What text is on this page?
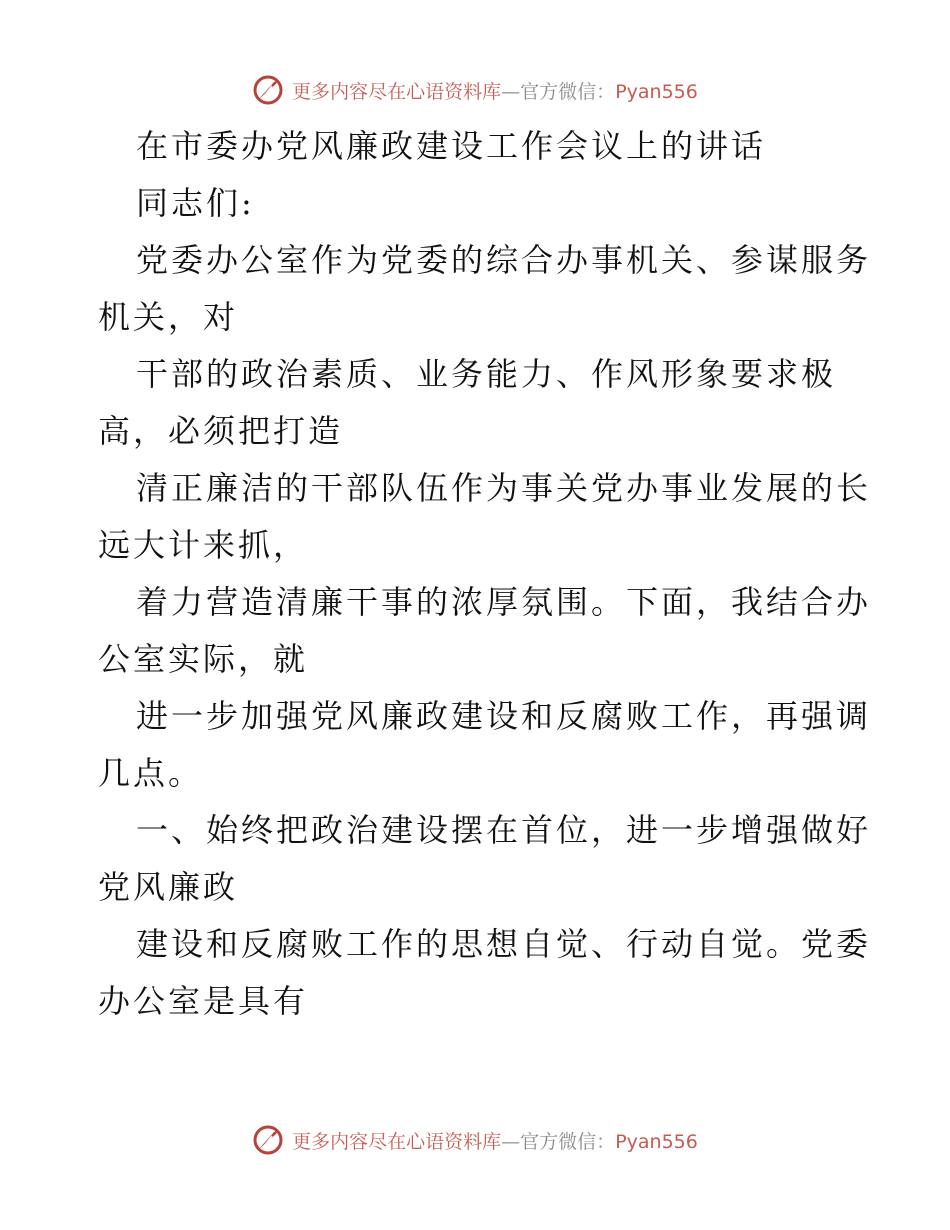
更多内容尽在心语资料库—官方微信：Pyan556
在市委办党风廉政建设工作会议上的讲话
同志们:
党委办公室作为党委的综合办事机关、参谋服务
机关，对
干部的政治素质、业务能力、作风形象要求极
高，必须把打造
清正廉洁的干部队伍作为事关党办事业发展的长
远大计来抓，
着力营造清廉干事的浓厚氛围。下面，我结合办
公室实际，就
进一步加强党风廉政建设和反腐败工作，再强调
几点。
一、始终把政治建设摆在首位，进一步增强做好
党风廉政
建设和反腐败工作的思想自觉、行动自觉。党委
办公室是具有
更多内容尽在心语资料库—官方微信：Pyan556
